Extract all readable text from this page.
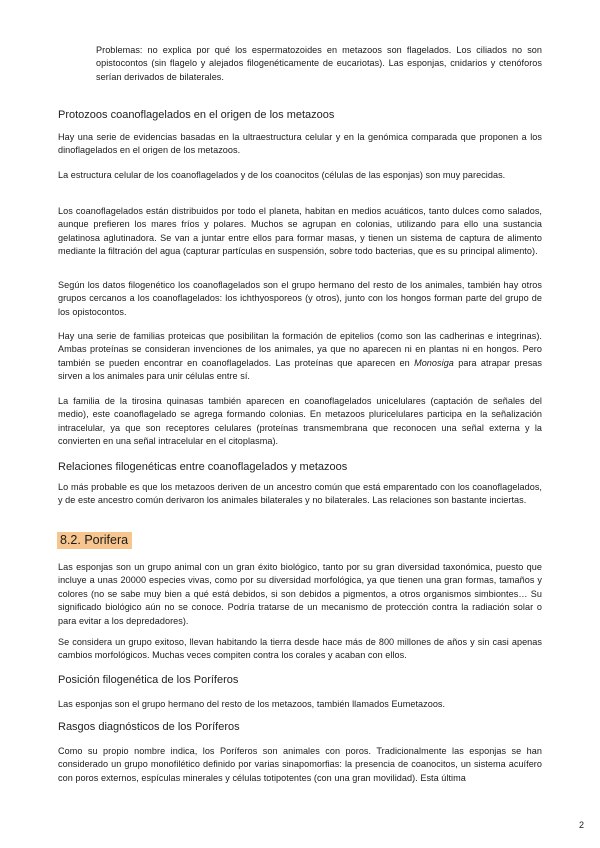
Problemas: no explica por qué los espermatozoides en metazoos son flagelados. Los ciliados no son opistocontos (sin flagelo y alejados filogenéticamente de eucariotas). Las esponjas, cnidarios y ctenóforos serían derivados de bilaterales.

Protozoos coanoflagelados en el origen de los metazoos

Hay una serie de evidencias basadas en la ultraestructura celular y en la genómica comparada que proponen a los dinoflagelados en el origen de los metazoos.

La estructura celular de los coanoflagelados y de los coanocitos (células de las esponjas) son muy parecidas.

Los coanoflagelados están distribuidos por todo el planeta, habitan en medios acuáticos, tanto dulces como salados, aunque prefieren los mares fríos y polares. Muchos se agrupan en colonias, utilizando para ello una sustancia gelatinosa aglutinadora. Se van a juntar entre ellos para formar masas, y tienen un sistema de captura de alimento mediante la filtración del agua (capturar partículas en suspensión, sobre todo bacterias, que es su principal alimento).

Según los datos filogenético los coanoflagelados son el grupo hermano del resto de los animales, también hay otros grupos cercanos a los coanoflagelados: los ichthyosporeos (y otros), junto con los hongos forman parte del grupo de los opistocontos.

Hay una serie de familias proteicas que posibilitan la formación de epitelios (como son las cadherinas e integrinas). Ambas proteínas se consideran invenciones de los animales, ya que no aparecen ni en plantas ni en hongos. Pero también se pueden encontrar en coanoflagelados. Las proteínas que aparecen en Monosiga para atrapar presas sirven a los animales para unir células entre sí.

La familia de la tirosina quinasas también aparecen en coanoflagelados unicelulares (captación de señales del medio), este coanoflagelado se agrega formando colonias. En metazoos pluricelulares participa en la señalización intracelular, ya que son receptores celulares (proteínas transmembrana que reconocen una señal externa y la convierten en una señal intracelular en el citoplasma).

Relaciones filogenéticas entre coanoflagelados y metazoos

Lo más probable es que los metazoos deriven de un ancestro común que está emparentado con los coanoflagelados, y de este ancestro común derivaron los animales bilaterales y no bilaterales. Las relaciones son bastante inciertas.

8.2. Porifera

Las esponjas son un grupo animal con un gran éxito biológico, tanto por su gran diversidad taxonómica, puesto que incluye a unas 20000 especies vivas, como por su diversidad morfológica, ya que tienen una gran formas, tamaños y colores (no se sabe muy bien a qué está debidos, si son debidos a pigmentos, a otros organismos simbiontes… Su significado biológico aún no se conoce. Podría tratarse de un mecanismo de protección contra la radiación solar o para evitar a los depredadores).

Se considera un grupo exitoso, llevan habitando la tierra desde hace más de 800 millones de años y sin casi apenas cambios morfológicos. Muchas veces compiten contra los corales y acaban con ellos.

Posición filogenética de los Poríferos

Las esponjas son el grupo hermano del resto de los metazoos, también llamados Eumetazoos.

Rasgos diagnósticos de los Poríferos

Como su propio nombre indica, los Poríferos son animales con poros. Tradicionalmente las esponjas se han considerado un grupo monofilético definido por varias sinapomorfias: la presencia de coanocitos, un sistema acuífero con poros externos, espículas minerales y células totipotentes (con una gran movilidad). Esta última

2
